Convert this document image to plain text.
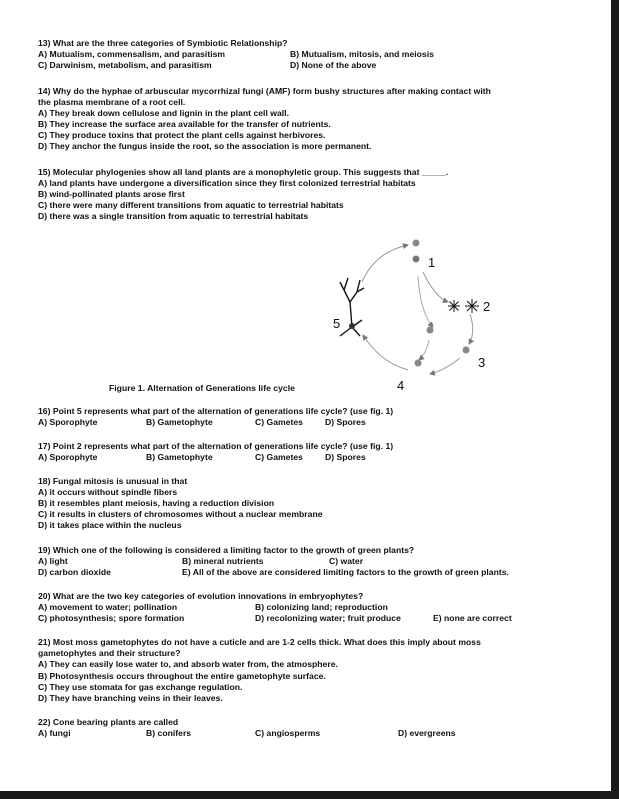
13) What are the three categories of Symbiotic Relationship?
A) Mutualism, commensalism, and parasitism	B) Mutualism, mitosis, and meiosis
C) Darwinism, metabolism, and parasitism	D) None of the above
14) Why do the hyphae of arbuscular mycorrhizal fungi (AMF) form bushy structures after making contact with
the plasma membrane of a root cell.
A) They break down cellulose and lignin in the plant cell wall.
B) They increase the surface area available for the transfer of nutrients.
C) They produce toxins that protect the plant cells against herbivores.
D) They anchor the fungus inside the root, so the association is more permanent.
15) Molecular phylogenies show all land plants are a monophyletic group. This suggests that _____.
A) land plants have undergone a diversification since they first colonized terrestrial habitats
B) wind-pollinated plants arose first
C) there were many different transitions from aquatic to terrestrial habitats
D) there was a single transition from aquatic to terrestrial habitats
1
2
3
4
5
Figure 1. Alternation of Generations life cycle
16) Point 5 represents what part of the alternation of generations life cycle? (use fig. 1)
A) Sporophyte	B) Gametophyte	C) Gametes	D) Spores
17) Point 2 represents what part of the alternation of generations life cycle? (use fig. 1)
A) Sporophyte	B) Gametophyte	C) Gametes	D) Spores
18) Fungal mitosis is unusual in that
A) it occurs without spindle fibers
B) it resembles plant meiosis, having a reduction division
C) it results in clusters of chromosomes without a nuclear membrane
D) it takes place within the nucleus
19) Which one of the following is considered a limiting factor to the growth of green plants?
A) light	B) mineral nutrients	C) water
D) carbon dioxide	E) All of the above are considered limiting factors to the growth of green plants.
20) What are the two key categories of evolution innovations in embryophytes?
A) movement to water; pollination	B) colonizing land; reproduction
C) photosynthesis; spore formation	D) recolonizing water; fruit produce	E) none are correct
21) Most moss gametophytes do not have a cuticle and are 1-2 cells thick. What does this imply about moss
gametophytes and their structure?
A) They can easily lose water to, and absorb water from, the atmosphere.
B) Photosynthesis occurs throughout the entire gametophyte surface.
C) They use stomata for gas exchange regulation.
D) They have branching veins in their leaves.
22) Cone bearing plants are called
A) fungi	B) conifers	C) angiosperms	D) evergreens
